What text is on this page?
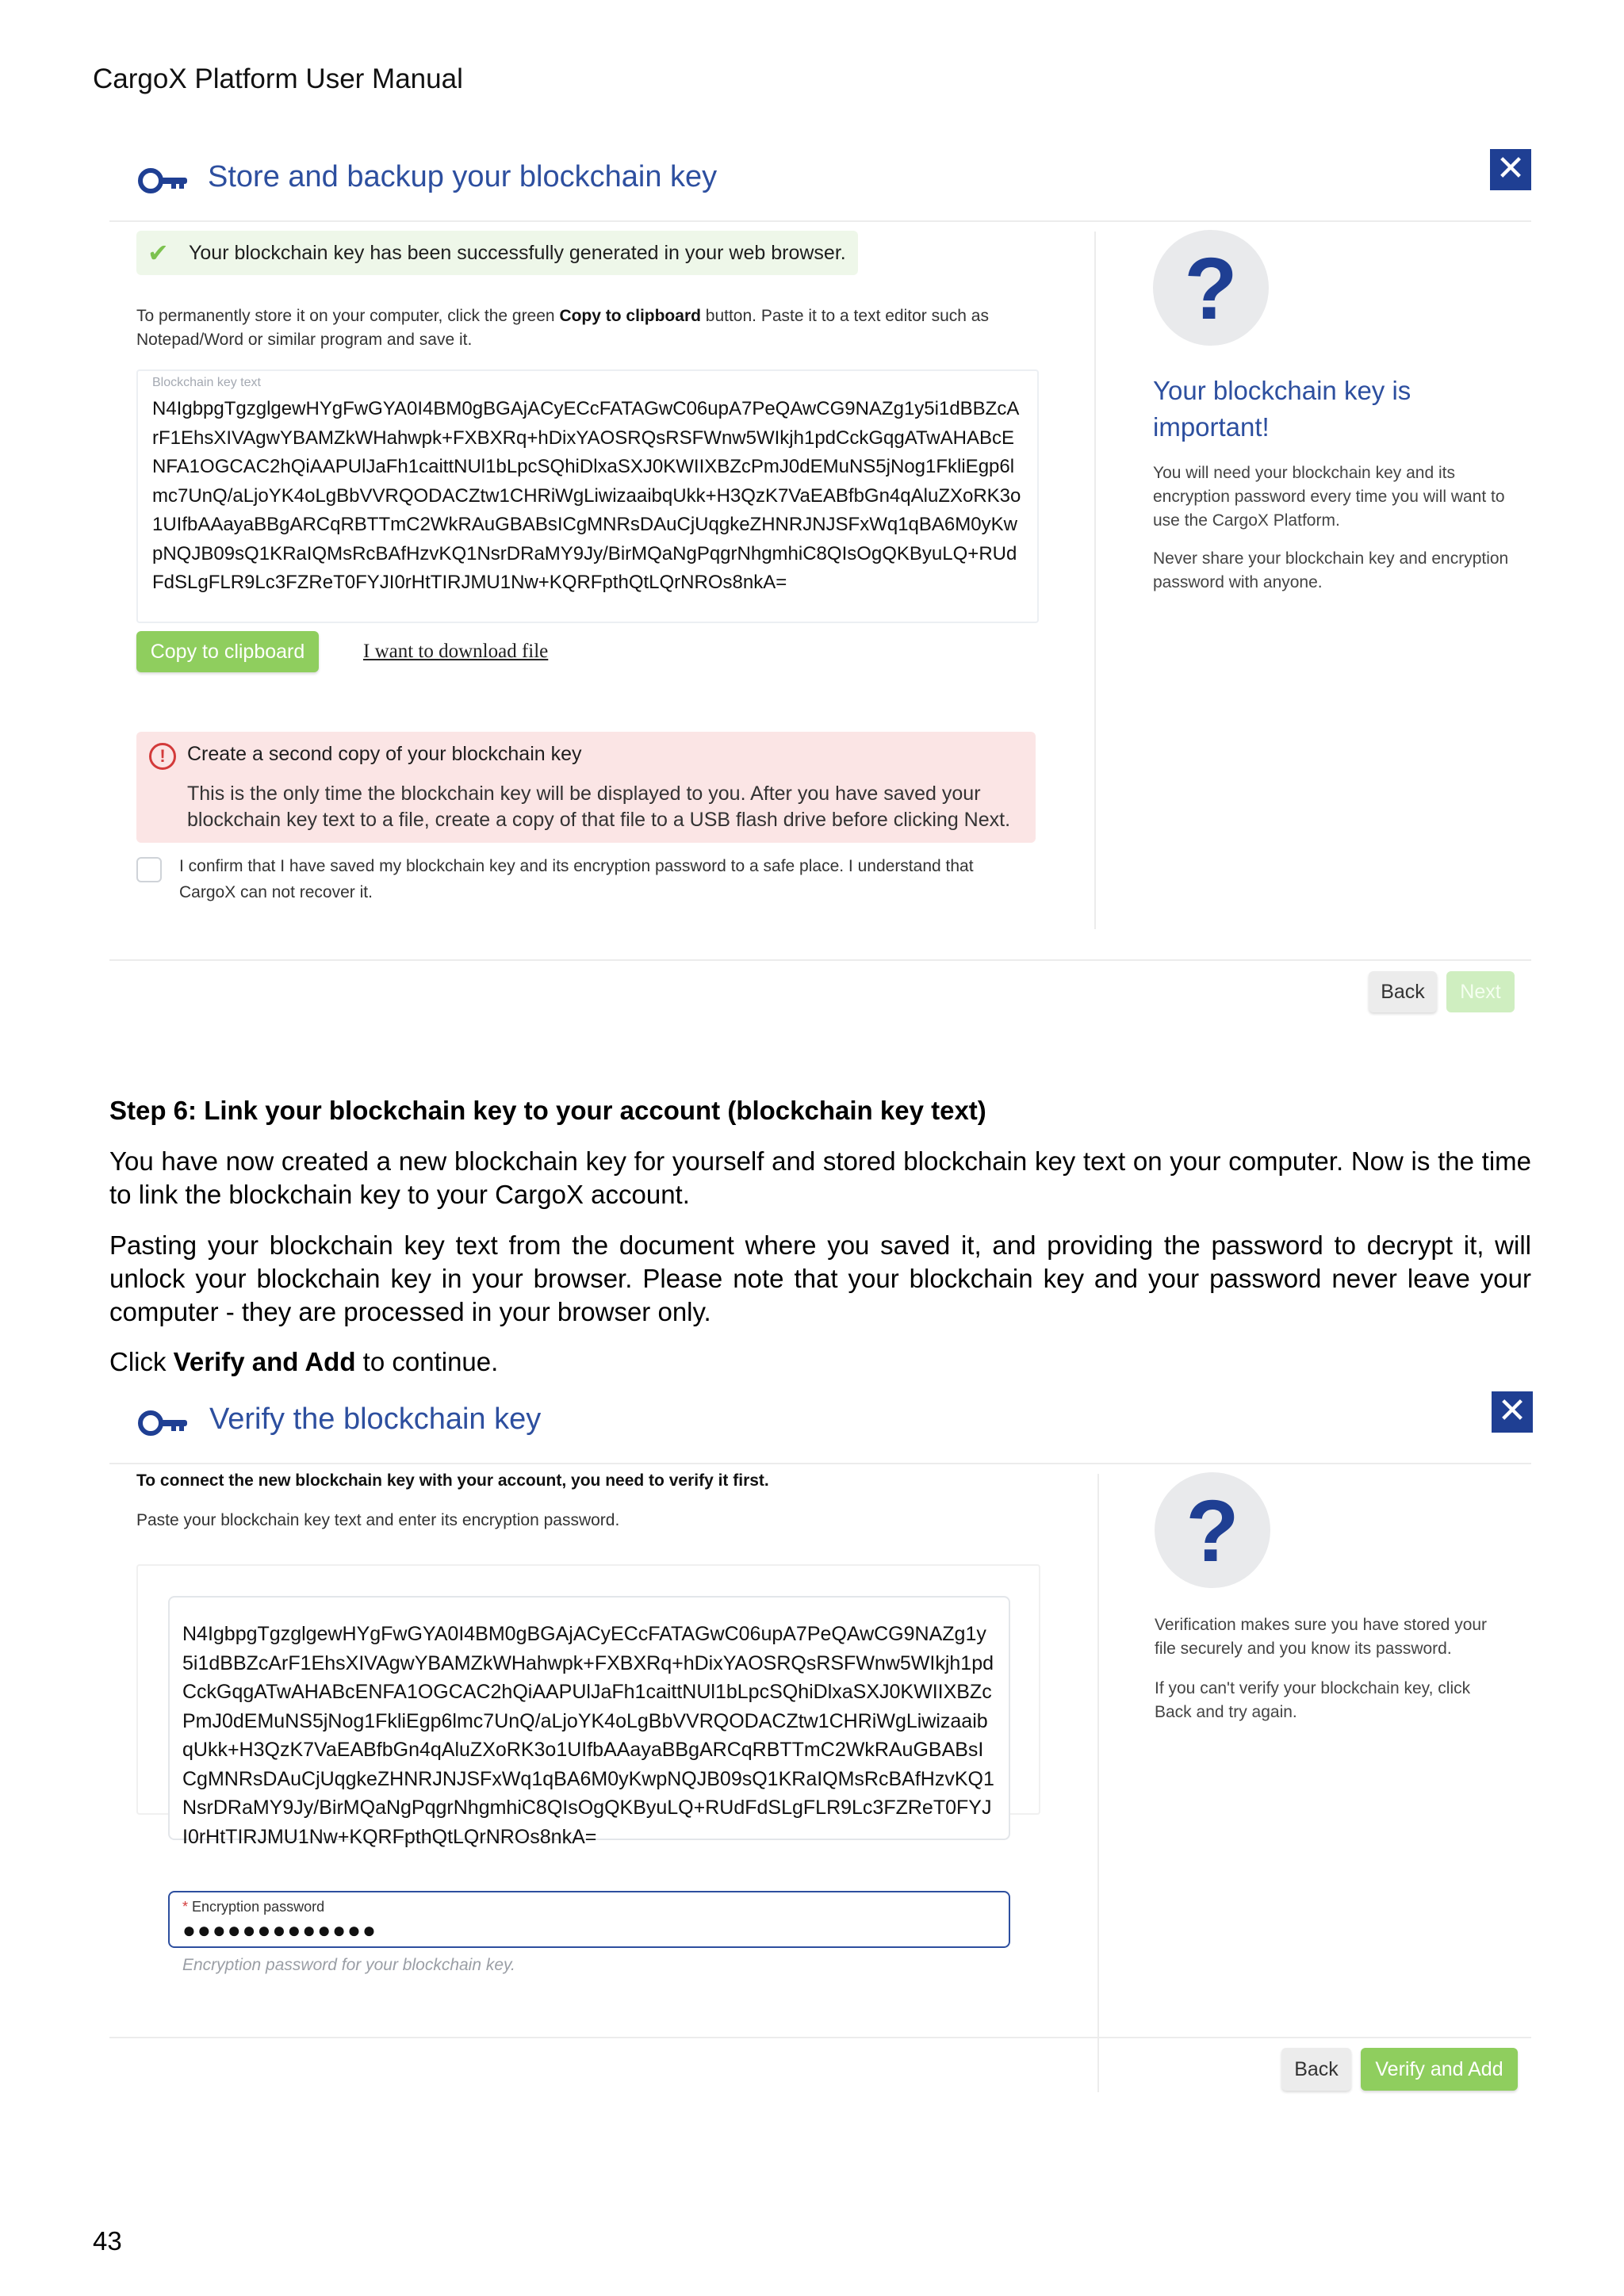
CargoX Platform User Manual
Store and backup your blockchain key	✕
✔ Your blockchain key has been successfully generated in your web browser.
To permanently store it on your computer, click the green Copy to clipboard button. Paste it to a text editor such as Notepad/Word or similar program and save it.
Blockchain key text
N4IgbpgTgzglgewHYgFwGYA0I4BM0gBGAjACyECcFATAGwC06upA7PeQAwCG9NAZg1y5i1dBBZcArF1EhsXIVAgwYBAMZkWHahwpk+FXBXRq+hDixYAOSRQsRSFWnw5WIkjh1pdCckGqgATwAHABcENFA1OGCAC2hQiAAPUlJaFh1caittNUl1bLpcSQhiDlxaSXJ0KWIIXBZcPmJ0dEMuNS5jNog1FkliEgp6lmc7UnQ/aLjoYK4oLgBbVVRQODACZtw1CHRiWgLiwizaaibqUkk+H3QzK7VaEABfbGn4qAluZXoRK3o1UIfbAAayaBBgARCqRBTTmC2WkRAuGBABsICgMNRsDAuCjUqgkeZHNRJNJSFxWq1qBA6M0yKwpNQJB09sQ1KRaIQMsRcBAfHzvKQ1NsrDRaMY9Jy/BirMQaNgPqgrNhgmhiC8QIsOgQKByuLQ+RUdFdSLgFLR9Lc3FZReT0FYJI0rHtTIRJMU1Nw+KQRFpthQtLQrNROs8nkA=
Copy to clipboard	I want to download file
!	Create a second copy of your blockchain key
This is the only time the blockchain key will be displayed to you. After you have saved your blockchain key text to a file, create a copy of that file to a USB flash drive before clicking Next.
I confirm that I have saved my blockchain key and its encryption password to a safe place. I understand that CargoX can not recover it.
?
Your blockchain key is important!
You will need your blockchain key and its encryption password every time you will want to use the CargoX Platform.
Never share your blockchain key and encryption password with anyone.
Back	Next
Step 6: Link your blockchain key to your account (blockchain key text)
You have now created a new blockchain key for yourself and stored blockchain key text on your computer. Now is the time to link the blockchain key to your CargoX account.
Pasting your blockchain key text from the document where you saved it, and providing the password to decrypt it, will unlock your blockchain key in your browser. Please note that your blockchain key and your password never leave your computer - they are processed in your browser only.
Click Verify and Add to continue.
Verify the blockchain key	✕
To connect the new blockchain key with your account, you need to verify it first.
Paste your blockchain key text and enter its encryption password.
N4IgbpgTgzglgewHYgFwGYA0I4BM0gBGAjACyECcFATAGwC06upA7PeQAwCG9NAZg1y5i1dBBZcArF1EhsXIVAgwYBAMZkWHahwpk+FXBXRq+hDixYAOSRQsRSFWnw5WIkjh1pdCckGqgATwAHABcENFA1OGCAC2hQiAAPUlJaFh1caittNUl1bLpcSQhiDlxaSXJ0KWIIXBZcPmJ0dEMuNS5jNog1FkliEgp6lmc7UnQ/aLjoYK4oLgBbVVRQODACZtw1CHRiWgLiwizaaibqUkk+H3QzK7VaEABfbGn4qAluZXoRK3o1UIfbAAayaBBgARCqRBTTmC2WkRAuGBABsICgMNRsDAuCjUqgkeZHNRJNJSFxWq1qBA6M0yKwpNQJB09sQ1KRaIQMsRcBAfHzvKQ1NsrDRaMY9Jy/BirMQaNgPqgrNhgmhiC8QIsOgQKByuLQ+RUdFdSLgFLR9Lc3FZReT0FYJI0rHtTIRJMU1Nw+KQRFpthQtLQrNROs8nkA=
* Encryption password
●●●●●●●●●●●●●
Encryption password for your blockchain key.
?
Verification makes sure you have stored your file securely and you know its password.
If you can't verify your blockchain key, click Back and try again.
Back	Verify and Add
43
